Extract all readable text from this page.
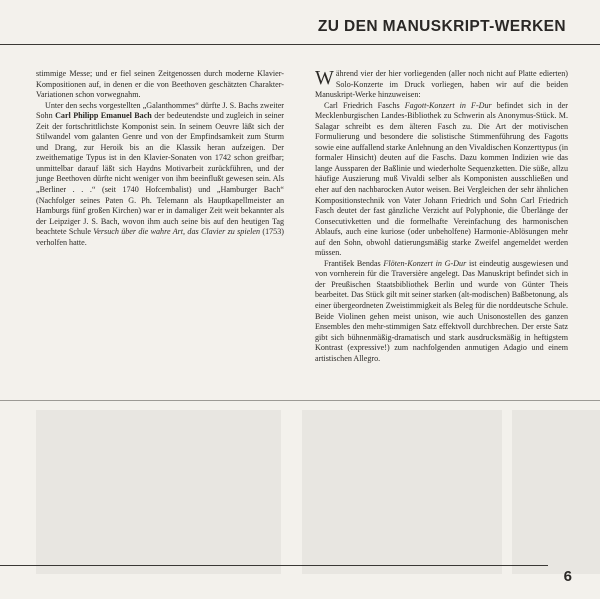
ZU DEN MANUSKRIPT-WERKEN

stimmige Messe; und er fiel seinen Zeitgenossen durch moderne Klavier-Kompositionen auf, in denen er die von Beethoven geschätzten Charakter-Variationen schon vorwegnahm.

Unter den sechs vorgestellten „Galanthommes“ dürfte J. S. Bachs zweiter Sohn Carl Philipp Emanuel Bach der bedeutendste und zugleich in seiner Zeit der fortschrittlichste Komponist sein. In seinem Oeuvre läßt sich der Stilwandel vom galanten Genre und von der Empfindsamkeit zum Sturm und Drang, zur Heroik bis an die Klassik heran aufzeigen. Der zweithematige Typus ist in den Klavier-Sonaten von 1742 schon greifbar; unmittelbar darauf läßt sich Haydns Motivarbeit zurückführen, und der junge Beethoven dürfte nicht weniger von ihm beeinflußt gewesen sein. Als „Berliner . . .“ (seit 1740 Hofcembalist) und „Hamburger Bach“ (Nachfolger seines Paten G. Ph. Telemann als Hauptkapellmeister an Hamburgs fünf großen Kirchen) war er in damaliger Zeit weit bekannter als der Leipziger J. S. Bach, wovon ihm auch seine bis auf den heutigen Tag beachtete Schule Versuch über die wahre Art, das Clavier zu spielen (1753) verholfen hatte.

Während vier der hier vorliegenden (aller noch nicht auf Platte edierten) Solo-Konzerte im Druck vorliegen, haben wir auf die beiden Manuskript-Werke hinzuweisen:

Carl Friedrich Faschs Fagott-Konzert in F-Dur befindet sich in der Mecklenburgischen Landes-Bibliothek zu Schwerin als Anonymus-Stück. M. Salagar schreibt es dem älteren Fasch zu. Die Art der motivischen Formulierung und besondere die solistische Stimmenführung des Fagotts sowie eine auffallend starke Anlehnung an den Vivaldischen Konzerttypus (in formaler Hinsicht) deuten auf die Faschs. Dazu kommen Indizien wie das lange Aussparen der Baßlinie und wiederholte Sequenzketten. Die süße, allzu häufige Auszierung muß Vivaldi selber als Komponisten ausschließen und eher auf den nachbarocken Autor weisen. Bei Vergleichen der sehr ähnlichen Kompositionstechnik von Vater Johann Friedrich und Sohn Carl Friedrich Fasch deutet der fast gänzliche Verzicht auf Polyphonie, die Überlänge der Consecutivketten und die formelhafte Vereinfachung des harmonischen Ablaufs, auch eine kuriose (oder unbeholfene) Harmonie-Ablösungen mehr auf den Sohn, obwohl datierungsmäßig starke Zweifel angemeldet werden müssen.

František Bendas Flöten-Konzert in G-Dur ist eindeutig ausgewiesen und von vornherein für die Traversière angelegt. Das Manuskript befindet sich in der Preußischen Staatsbibliothek Berlin und wurde von Günter Theis bearbeitet. Das Stück gilt mit seiner starken (alt-modischen) Baßbetonung, als einer übergeordneten Zweistimmigkeit als Beleg für die norddeutsche Schule. Beide Violinen gehen meist unison, wie auch Unisonostellen des ganzen Ensembles den mehr-stimmigen Satz effektvoll durchbrechen. Der erste Satz gibt sich bühnenmäßig-dramatisch und stark ausdrucksmäßig in heftigstem Kontrast (expressive!) zum nachfolgenden anmutigen Adagio und einem artistischen Allegro.

6
